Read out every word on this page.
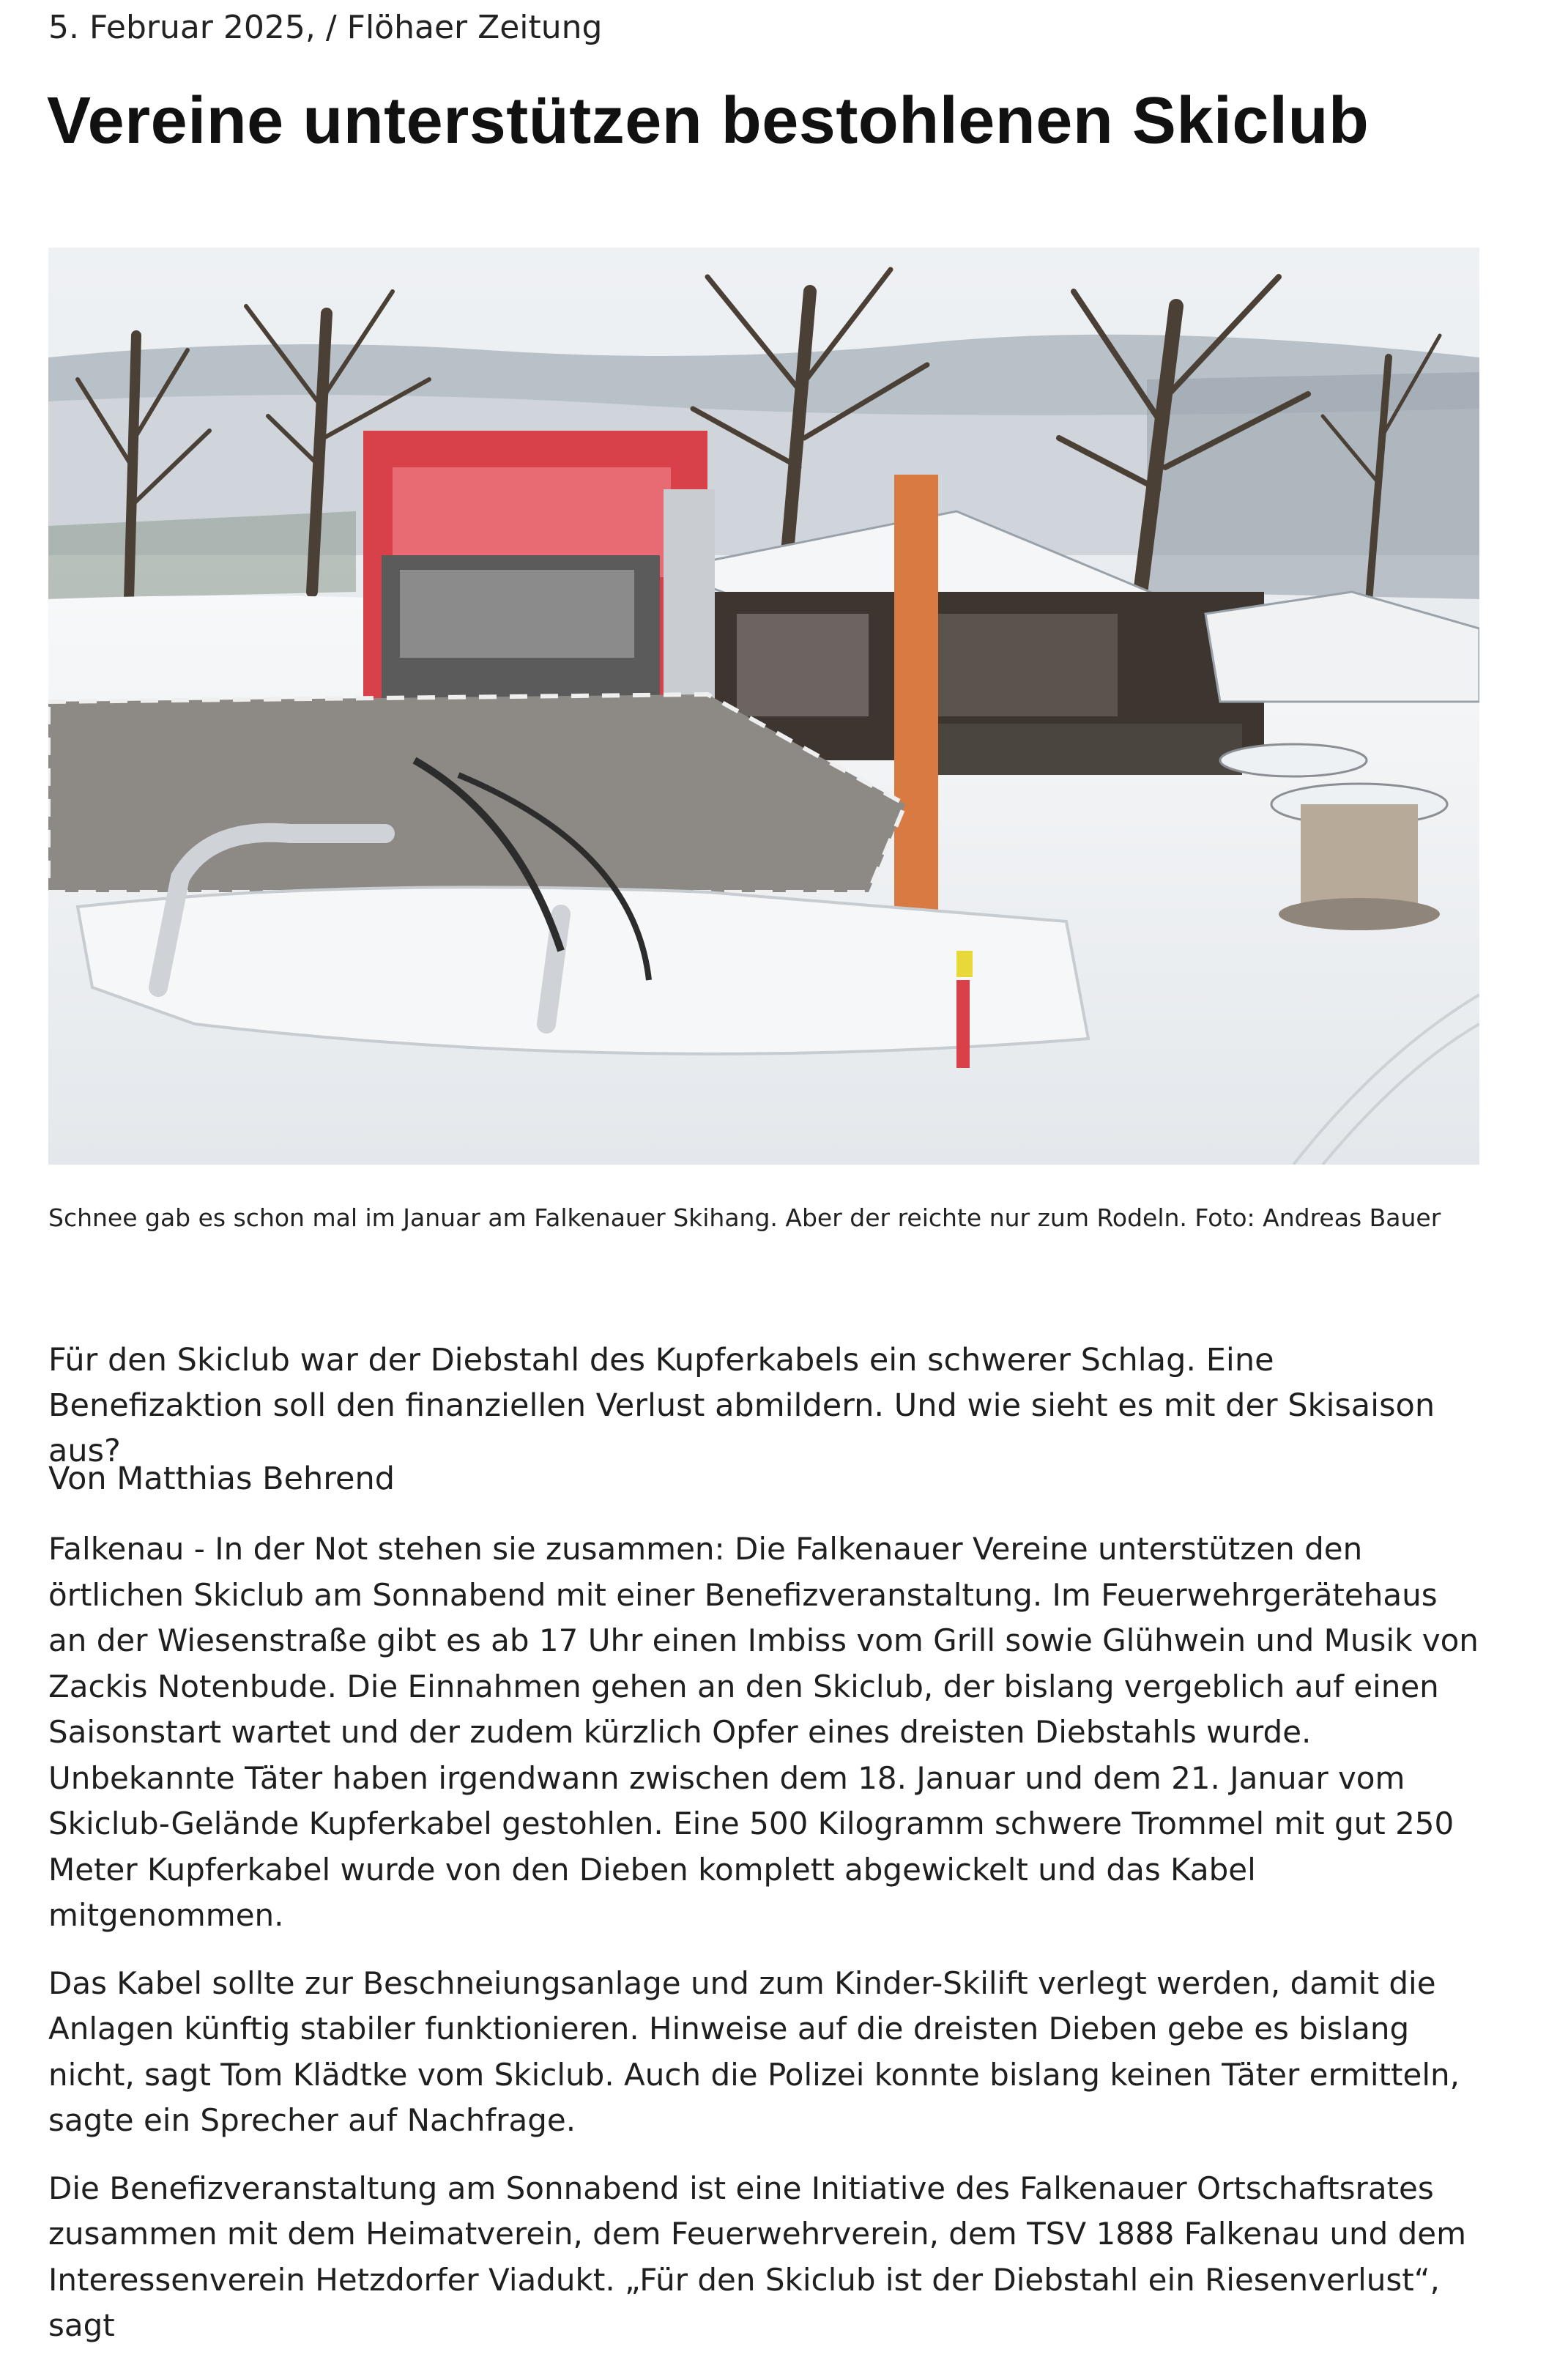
5. Februar 2025, / Flöhaer Zeitung
Vereine unterstützen bestohlenen Skiclub
Schnee gab es schon mal im Januar am Falkenauer Skihang. Aber der reichte nur zum Rodeln. Foto: Andreas Bauer

Für den Skiclub war der Diebstahl des Kupferkabels ein schwerer Schlag. Eine Benefizaktion soll den finanziellen Verlust abmildern. Und wie sieht es mit der Skisaison aus?

Von Matthias Behrend

Falkenau - In der Not stehen sie zusammen: Die Falkenauer Vereine unterstützen den örtlichen Skiclub am Sonnabend mit einer Benefizveranstaltung. Im Feuerwehrgerätehaus an der Wiesenstraße gibt es ab 17 Uhr einen Imbiss vom Grill sowie Glühwein und Musik von Zackis Notenbude. Die Einnahmen gehen an den Skiclub, der bislang vergeblich auf einen Saisonstart wartet und der zudem kürzlich Opfer eines dreisten Diebstahls wurde. Unbekannte Täter haben irgendwann zwischen dem 18. Januar und dem 21. Januar vom Skiclub-Gelände Kupferkabel gestohlen. Eine 500 Kilogramm schwere Trommel mit gut 250 Meter Kupferkabel wurde von den Dieben komplett abgewickelt und das Kabel mitgenommen.

Das Kabel sollte zur Beschneiungsanlage und zum Kinder-Skilift verlegt werden, damit die Anlagen künftig stabiler funktionieren. Hinweise auf die dreisten Dieben gebe es bislang nicht, sagt Tom Klädtke vom Skiclub. Auch die Polizei konnte bislang keinen Täter ermitteln, sagte ein Sprecher auf Nachfrage.

Die Benefizveranstaltung am Sonnabend ist eine Initiative des Falkenauer Ortschaftsrates zusammen mit dem Heimatverein, dem Feuerwehrverein, dem TSV 1888 Falkenau und dem Interessenverein Hetzdorfer Viadukt. „Für den Skiclub ist der Diebstahl ein Riesenverlust“, sagt
